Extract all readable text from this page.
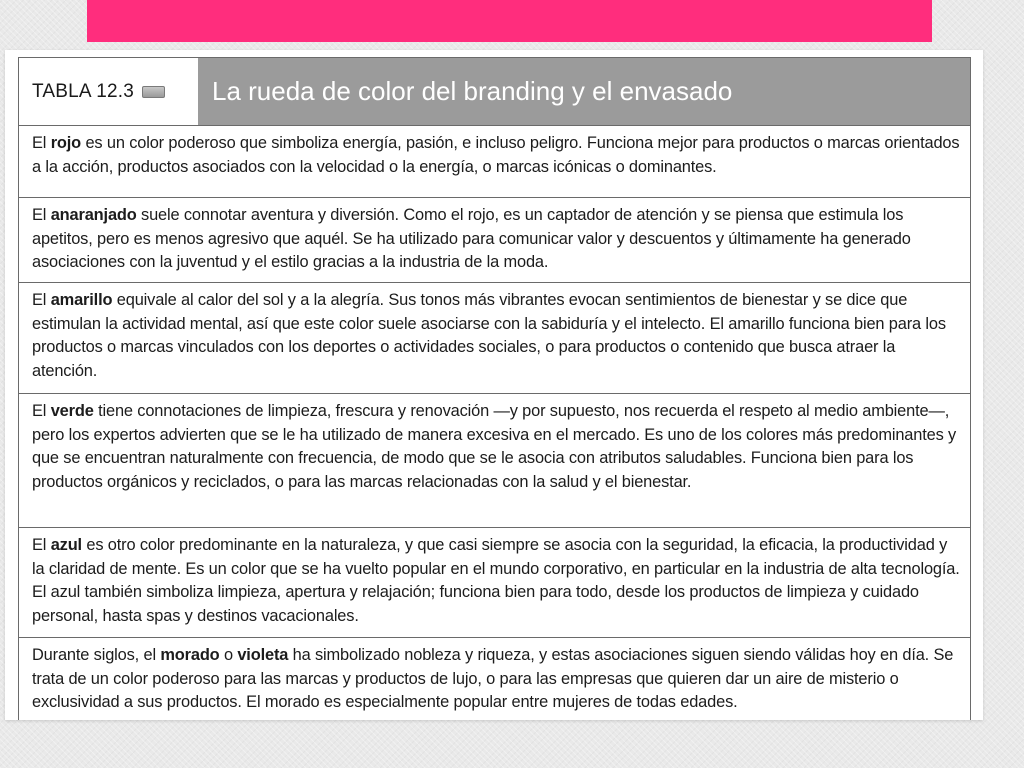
TABLA 12.3	La rueda de color del branding y el envasado
El rojo es un color poderoso que simboliza energía, pasión, e incluso peligro. Funciona mejor para productos o marcas orientados a la acción, productos asociados con la velocidad o la energía, o marcas icónicas o dominantes.
El anaranjado suele connotar aventura y diversión. Como el rojo, es un captador de atención y se piensa que estimula los apetitos, pero es menos agresivo que aquél. Se ha utilizado para comunicar valor y descuentos y últimamente ha generado asociaciones con la juventud y el estilo gracias a la industria de la moda.
El amarillo equivale al calor del sol y a la alegría. Sus tonos más vibrantes evocan sentimientos de bienestar y se dice que estimulan la actividad mental, así que este color suele asociarse con la sabiduría y el intelecto. El amarillo funciona bien para los productos o marcas vinculados con los deportes o actividades sociales, o para productos o contenido que busca atraer la atención.
El verde tiene connotaciones de limpieza, frescura y renovación —y por supuesto, nos recuerda el respeto al medio ambiente—, pero los expertos advierten que se le ha utilizado de manera excesiva en el mercado. Es uno de los colores más predominantes y que se encuentran naturalmente con frecuencia, de modo que se le asocia con atributos saludables. Funciona bien para los productos orgánicos y reciclados, o para las marcas relacionadas con la salud y el bienestar.
El azul es otro color predominante en la naturaleza, y que casi siempre se asocia con la seguridad, la eficacia, la productividad y la claridad de mente. Es un color que se ha vuelto popular en el mundo corporativo, en particular en la industria de alta tecnología. El azul también simboliza limpieza, apertura y relajación; funciona bien para todo, desde los productos de limpieza y cuidado personal, hasta spas y destinos vacacionales.
Durante siglos, el morado o violeta ha simbolizado nobleza y riqueza, y estas asociaciones siguen siendo válidas hoy en día. Se trata de un color poderoso para las marcas y productos de lujo, o para las empresas que quieren dar un aire de misterio o exclusividad a sus productos. El morado es especialmente popular entre mujeres de todas edades.
